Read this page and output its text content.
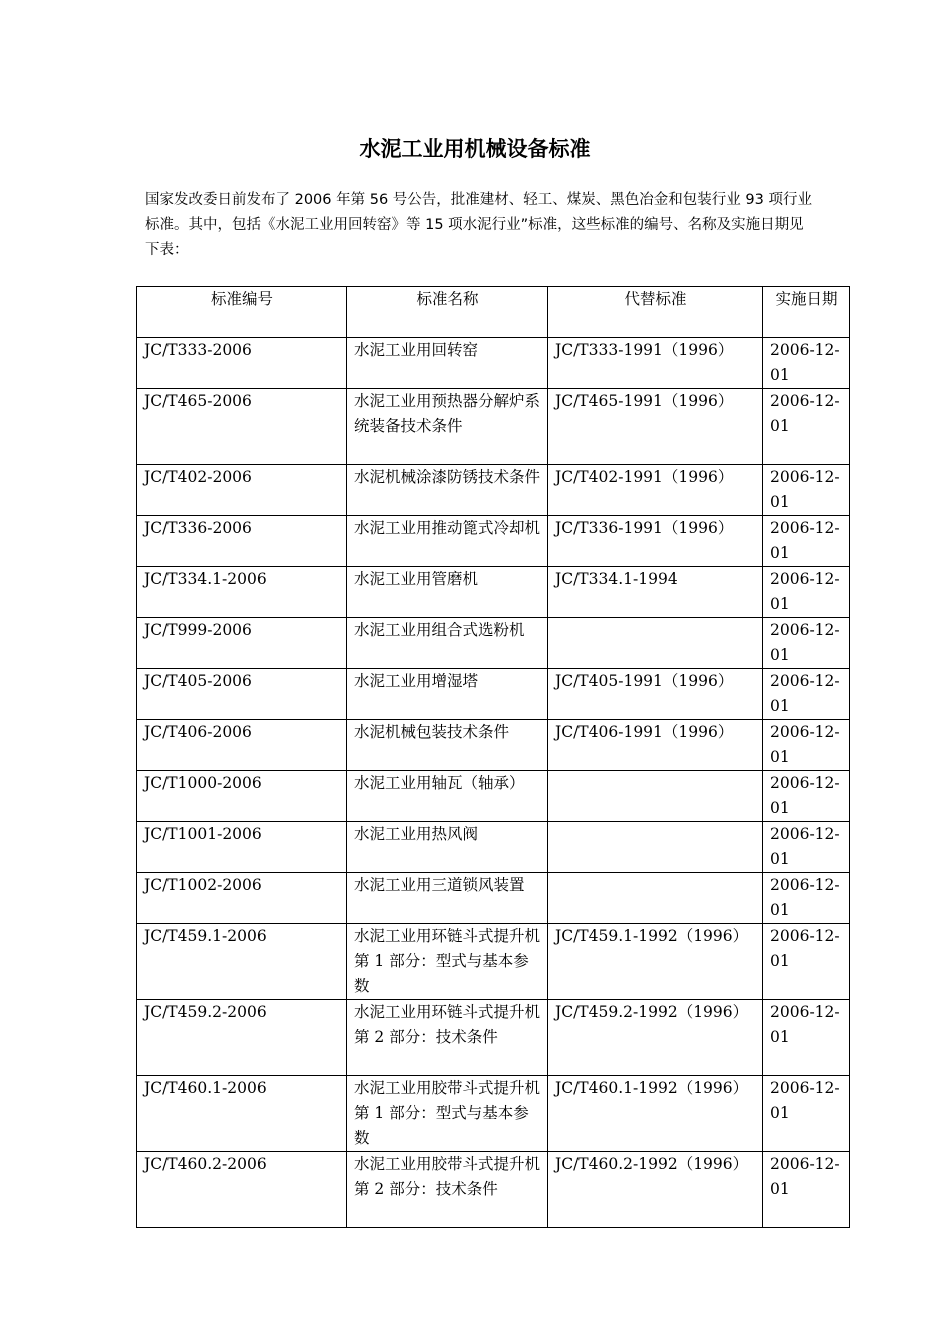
水泥工业用机械设备标准

国家发改委日前发布了 2006 年第 56 号公告，批准建材、轻工、煤炭、黑色冶金和包装行业 93 项行业标准。其中，包括《水泥工业用回转窑》等 15 项水泥行业”标准，这些标准的编号、名称及实施日期见下表：

标准编号	标准名称	代替标准	实施日期
JC/T333-2006	水泥工业用回转窑	JC/T333-1991（1996）	2006-12-01
JC/T465-2006	水泥工业用预热器分解炉系统装备技术条件	JC/T465-1991（1996）	2006-12-01
JC/T402-2006	水泥机械涂漆防锈技术条件	JC/T402-1991（1996）	2006-12-01
JC/T336-2006	水泥工业用推动篦式冷却机	JC/T336-1991（1996）	2006-12-01
JC/T334.1-2006	水泥工业用管磨机	JC/T334.1-1994	2006-12-01
JC/T999-2006	水泥工业用组合式选粉机		2006-12-01
JC/T405-2006	水泥工业用增湿塔	JC/T405-1991（1996）	2006-12-01
JC/T406-2006	水泥机械包装技术条件	JC/T406-1991（1996）	2006-12-01
JC/T1000-2006	水泥工业用轴瓦（轴承）		2006-12-01
JC/T1001-2006	水泥工业用热风阀		2006-12-01
JC/T1002-2006	水泥工业用三道锁风装置		2006-12-01
JC/T459.1-2006	水泥工业用环链斗式提升机第 1 部分：型式与基本参数	JC/T459.1-1992（1996）	2006-12-01
JC/T459.2-2006	水泥工业用环链斗式提升机第 2 部分：技术条件	JC/T459.2-1992（1996）	2006-12-01
JC/T460.1-2006	水泥工业用胶带斗式提升机第 1 部分：型式与基本参数	JC/T460.1-1992（1996）	2006-12-01
JC/T460.2-2006	水泥工业用胶带斗式提升机第 2 部分：技术条件	JC/T460.2-1992（1996）	2006-12-01
